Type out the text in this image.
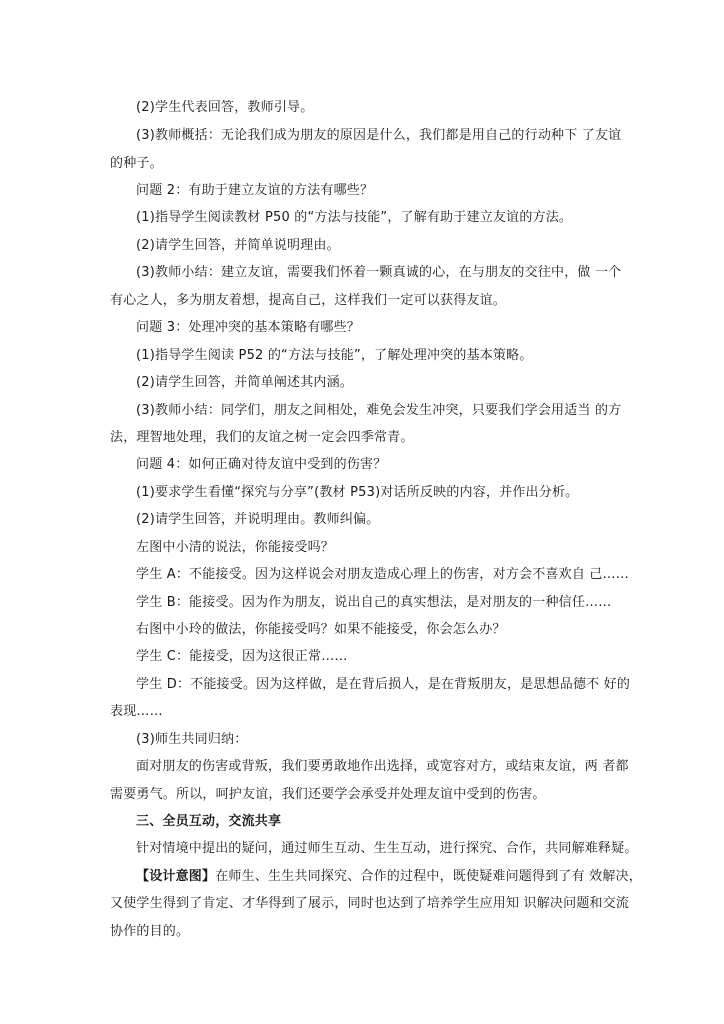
(2)学生代表回答，教师引导。
(3)教师概括：无论我们成为朋友的原因是什么，我们都是用自己的行动种下 了友谊
的种子。
问题 2：有助于建立友谊的方法有哪些？
(1)指导学生阅读教材 P50 的“方法与技能”，了解有助于建立友谊的方法。
(2)请学生回答，并简单说明理由。
(3)教师小结：建立友谊，需要我们怀着一颗真诚的心，在与朋友的交往中，做 一个
有心之人，多为朋友着想，提高自己，这样我们一定可以获得友谊。
问题 3：处理冲突的基本策略有哪些？
(1)指导学生阅读 P52 的“方法与技能”，了解处理冲突的基本策略。
(2)请学生回答，并简单阐述其内涵。
(3)教师小结：同学们，朋友之间相处，难免会发生冲突，只要我们学会用适当 的方
法，理智地处理，我们的友谊之树一定会四季常青。
问题 4：如何正确对待友谊中受到的伤害？
(1)要求学生看懂“探究与分享”(教材 P53)对话所反映的内容，并作出分析。
(2)请学生回答，并说明理由。教师纠偏。
左图中小清的说法，你能接受吗？
学生 A：不能接受。因为这样说会对朋友造成心理上的伤害，对方会不喜欢自 己……
学生 B：能接受。因为作为朋友，说出自己的真实想法，是对朋友的一种信任……
右图中小玲的做法，你能接受吗？如果不能接受，你会怎么办？
学生 C：能接受，因为这很正常……
学生 D：不能接受。因为这样做，是在背后损人，是在背叛朋友，是思想品德不 好的
表现……
(3)师生共同归纳：
面对朋友的伤害或背叛，我们要勇敢地作出选择，或宽容对方，或结束友谊，两 者都
需要勇气。所以，呵护友谊，我们还要学会承受并处理友谊中受到的伤害。
三、全员互动，交流共享
针对情境中提出的疑问，通过师生互动、生生互动，进行探究、合作，共同解难释疑。
【设计意图】在师生、生生共同探究、合作的过程中，既使疑难问题得到了有 效解决，
又使学生得到了肯定、才华得到了展示，同时也达到了培养学生应用知 识解决问题和交流
协作的目的。
